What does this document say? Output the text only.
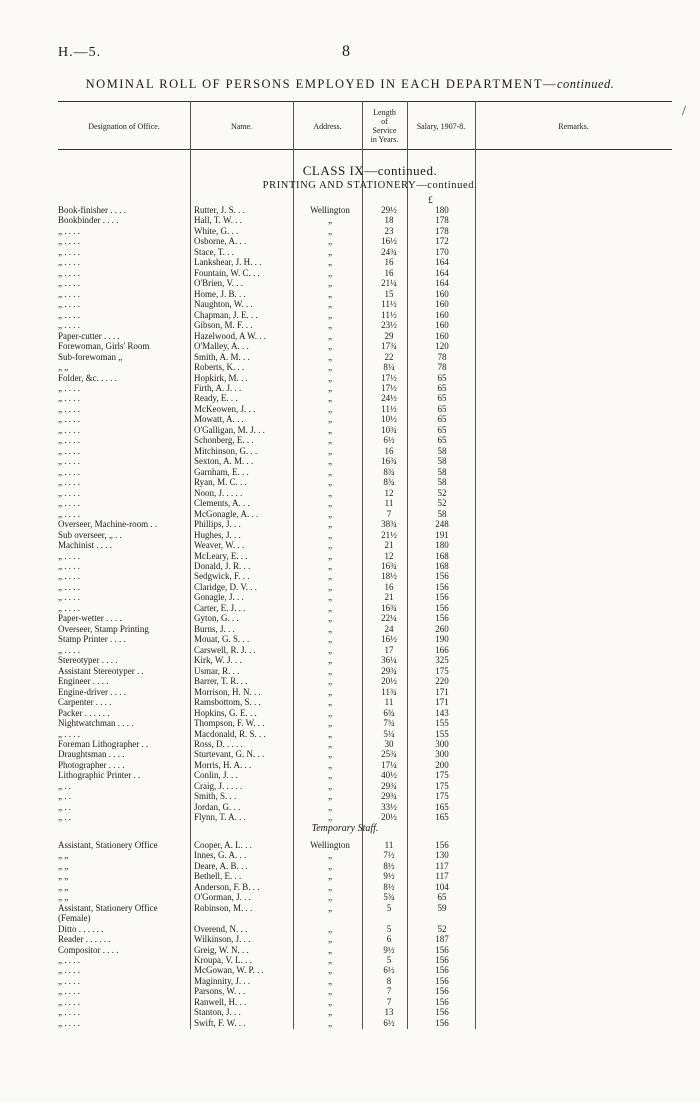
H.—5.	8
NOMINAL ROLL OF PERSONS EMPLOYED IN EACH DEPARTMENT—continued.
Designation of Office.	Name.	Address.
Length
of
Service
in Years.
Salary, 1907-8.	Remarks.
CLASS IX—continued.
PRINTING AND STATIONERY—continued.
£
Book-finisher . . . .	Rutter, J. S. . .	Wellington	29½	180
Bookbinder . . . .	Hall, T. W. . .	„	18	178
„ . . . .	White, G. . .	„	23	178
„ . . . .	Osborne, A. . .	„	16½	172
„ . . . .	Stace, T. . .	„	24¾	170
„ . . . .	Lankshear, J. H. . .	„	16	164
„ . . . .	Fountain, W. C. . .	„	16	164
„ . . . .	O'Brien, V. . .	„	21¼	164
„ . . . .	Home, J. B. . .	„	15	160
„ . . . .	Naughton, W. . .	„	11½	160
„ . . . .	Chapman, J. E. . .	„	11½	160
„ . . . .	Gibson, M. F. . .	„	23½	160
Paper-cutter . . . .	Hazelwood, A W. . .	„	29	160
Forewoman, Girls' Room	O'Malley, A. . .	„	17¾	120
Sub-forewoman „	Smith, A. M. . .	„	22	78
„ „	Roberts, K. . .	„	8¼	78
Folder, &c. . . . .	Hopkirk, M. . .	„	17½	65
„ . . . .	Firth, A. J. . .	„	17½	65
„ . . . .	Ready, E. . .	„	24½	65
„ . . . .	McKeowen, J. . .	„	11½	65
„ . . . .	Mowatt, A. . .	„	10½	65
„ . . . .	O'Galligan, M. J. . .	„	10¾	65
„ . . . .	Schonberg, E. . .	„	6½	65
„ . . . .	Mitchinson, G. . .	„	16	58
„ . . . .	Sexton, A. M. . .	„	16¾	58
„ . . . .	Garnham, E. . .	„	8¾	58
„ . . . .	Ryan, M. C. . .	„	8¾	58
„ . . . .	Noon, J. . . . .	„	12	52
„ . . . .	Clements, A. . .	„	11	52
„ . . . .	McGonagle, A. . .	„	7	58
Overseer, Machine-room . .	Phillips, J. . .	„	38¾	248
Sub overseer, „ . .	Hughes, J. . .	„	21½	191
Machinist . . . .	Weaver, W. . .	„	21	180
„ . . . .	McLeary, E. . .	„	12	168
„ . . . .	Donald, J. R. . .	„	16¾	168
„ . . . .	Sedgwick, F. . .	„	18½	156
„ . . . .	Claridge, D. V. . .	„	16	156
„ . . . .	Gonagle, J. . .	„	21	156
„ . . . .	Carter, E. J. . .	„	16¾	156
Paper-wetter . . . .	Gyton, G. . .	„	22¼	156
Overseer, Stamp Printing	Burns, J. . .	„	24	260
Stamp Printer . . . .	Mouat, G. S. . .	„	16½	190
„ . . . .	Carswell, R. J. . .	„	17	166
Stereotyper . . . .	Kirk, W. J. . .	„	36¼	325
Assistant Stereotyper . .	Usmar, R. . .	„	29¾	175
Engineer . . . .	Barrer, T. R. . .	„	20½	220
Engine-driver . . . .	Morrison, H. N. . .	„	11¾	171
Carpenter . . . .	Ramsbottom, S. . .	„	11	171
Packer . . . . . .	Hopkins, G. E. . .	„	6¾	143
Nightwatchman . . . .	Thompson, F. W. . .	„	7¾	155
„ . . . .	Macdonald, R. S. . .	„	5¼	155
Foreman Lithographer . .	Ross, D. . . . .	„	30	300
Draughtsman . . . .	Sturtevant, G. N. . .	„	25¾	300
Photographer . . . .	Morris, H. A. . .	„	17¼	200
Lithographic Printer . .	Conlin, J. . .	„	40½	175
„ . .	Craig, J. . . . .	„	29¾	175
„ . .	Smith, S. . .	„	29¾	175
„ . .	Jordan, G. . .	„	33½	165
„ . .	Flynn, T. A. . .	„	20½	165
Temporary Staff.
Assistant, Stationery Office	Cooper, A. L. . .	Wellington	11	156
„ „	Innes, G. A. . .	„	7½	130
„ „	Deare, A. B. . .	„	8½	117
„ „	Bethell, E. . .	„	9½	117
„ „	Anderson, F. B. . .	„	8½	104
„ „	O'Gorman, J. . .	„	5¾	65
Assistant, Stationery Office	Robinson, M. . .	„	5	59
(Female)
Ditto . . . . . .	Overend, N. . .	„	5	52
Reader . . . . . .	Wilkinson, J. . .	„	6	187
Compositor . . . .	Greig, W. N. . .	„	9½	156
„ . . . .	Kroupa, V. L. . .	„	5	156
„ . . . .	McGowan, W. P. . .	„	6½	156
„ . . . .	Maginnity, J. . .	„	8	156
„ . . . .	Parsons, W. . .	„	7	156
„ . . . .	Ranwell, H. . .	„	7	156
„ . . . .	Stanton, J. . .	„	13	156
„ . . . .	Swift, F. W. . .	„	6½	156
/
